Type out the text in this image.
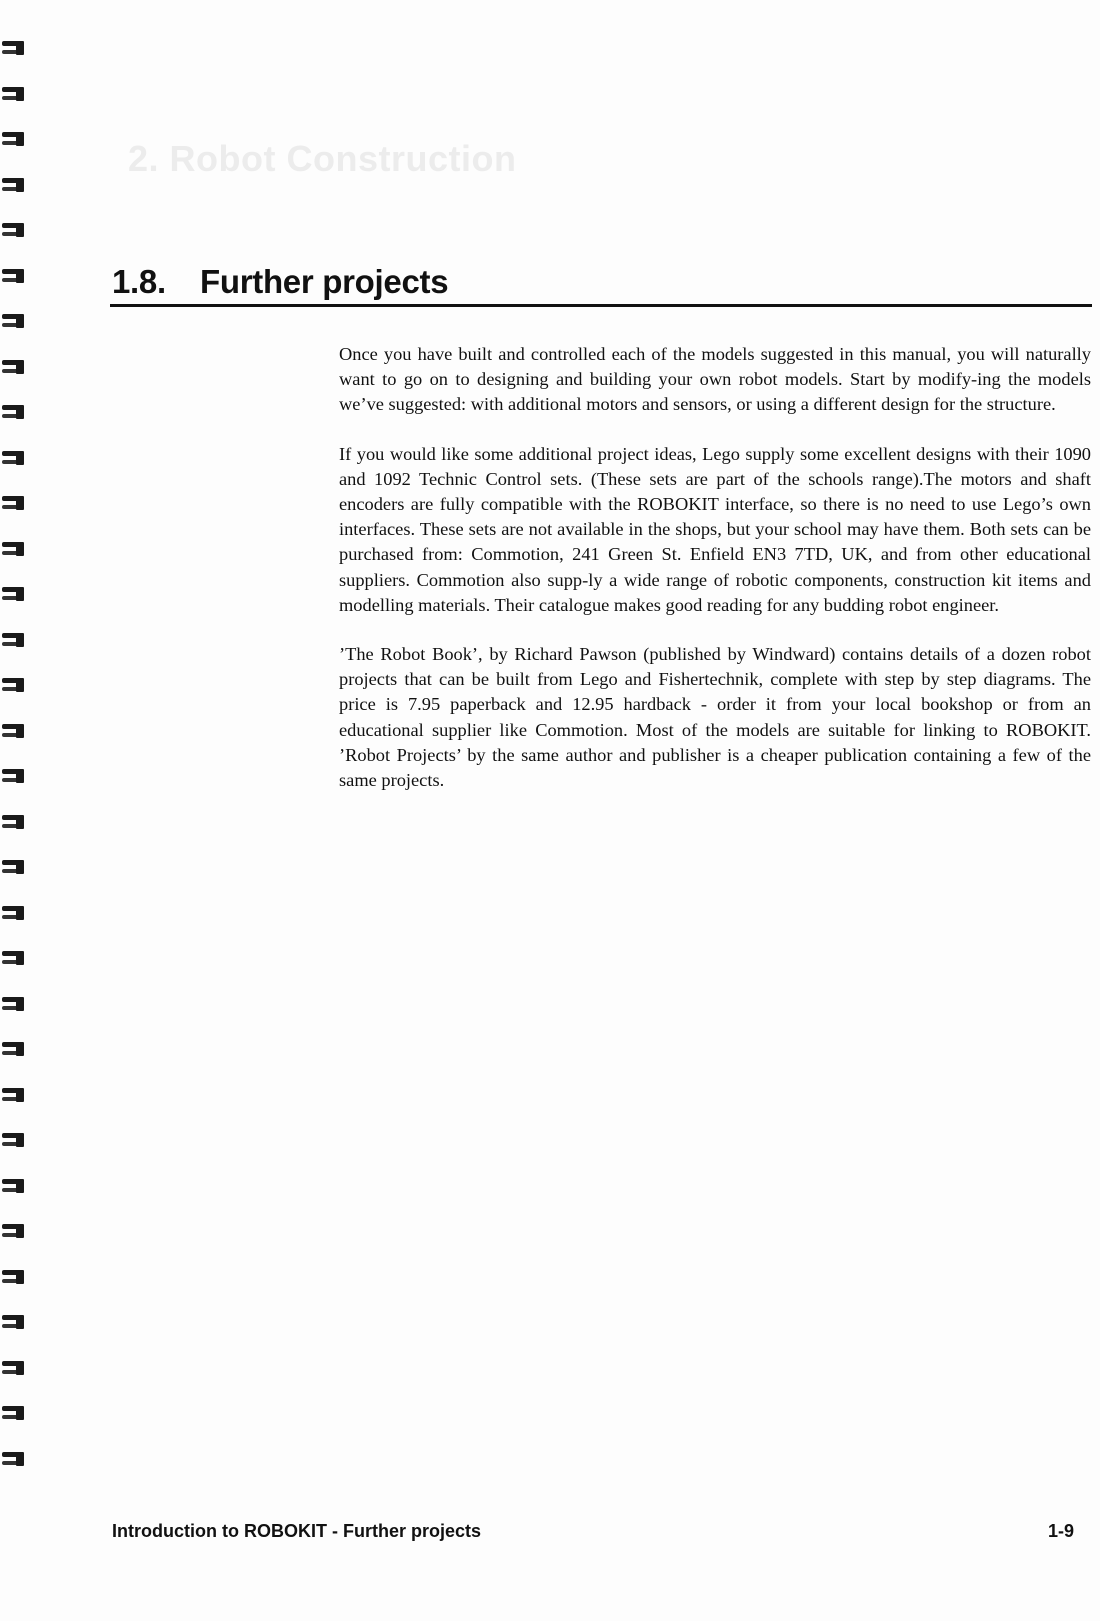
2. Robot Construction
1.8. Further projects

Once you have built and controlled each of the models suggested in this manual, you will naturally want to go on to designing and building your own robot models. Start by modify-ing the models we’ve suggested: with additional motors and sensors, or using a different design for the structure.

If you would like some additional project ideas, Lego supply some excellent designs with their 1090 and 1092 Technic Control sets. (These sets are part of the schools range).The motors and shaft encoders are fully compatible with the ROBOKIT interface, so there is no need to use Lego’s own interfaces. These sets are not available in the shops, but your school may have them. Both sets can be purchased from: Commotion, 241 Green St. Enfield EN3 7TD, UK, and from other educational suppliers. Commotion also supp-ly a wide range of robotic components, construction kit items and modelling materials. Their catalogue makes good reading for any budding robot engineer.

’The Robot Book’, by Richard Pawson (published by Windward) contains details of a dozen robot projects that can be built from Lego and Fishertechnik, complete with step by step diagrams. The price is 7.95 paperback and 12.95 hardback - order it from your local bookshop or from an educational supplier like Commotion. Most of the models are suitable for linking to ROBOKIT. ’Robot Projects’ by the same author and publisher is a cheaper publication containing a few of the same projects.

Introduction to ROBOKIT - Further projects	1-9
